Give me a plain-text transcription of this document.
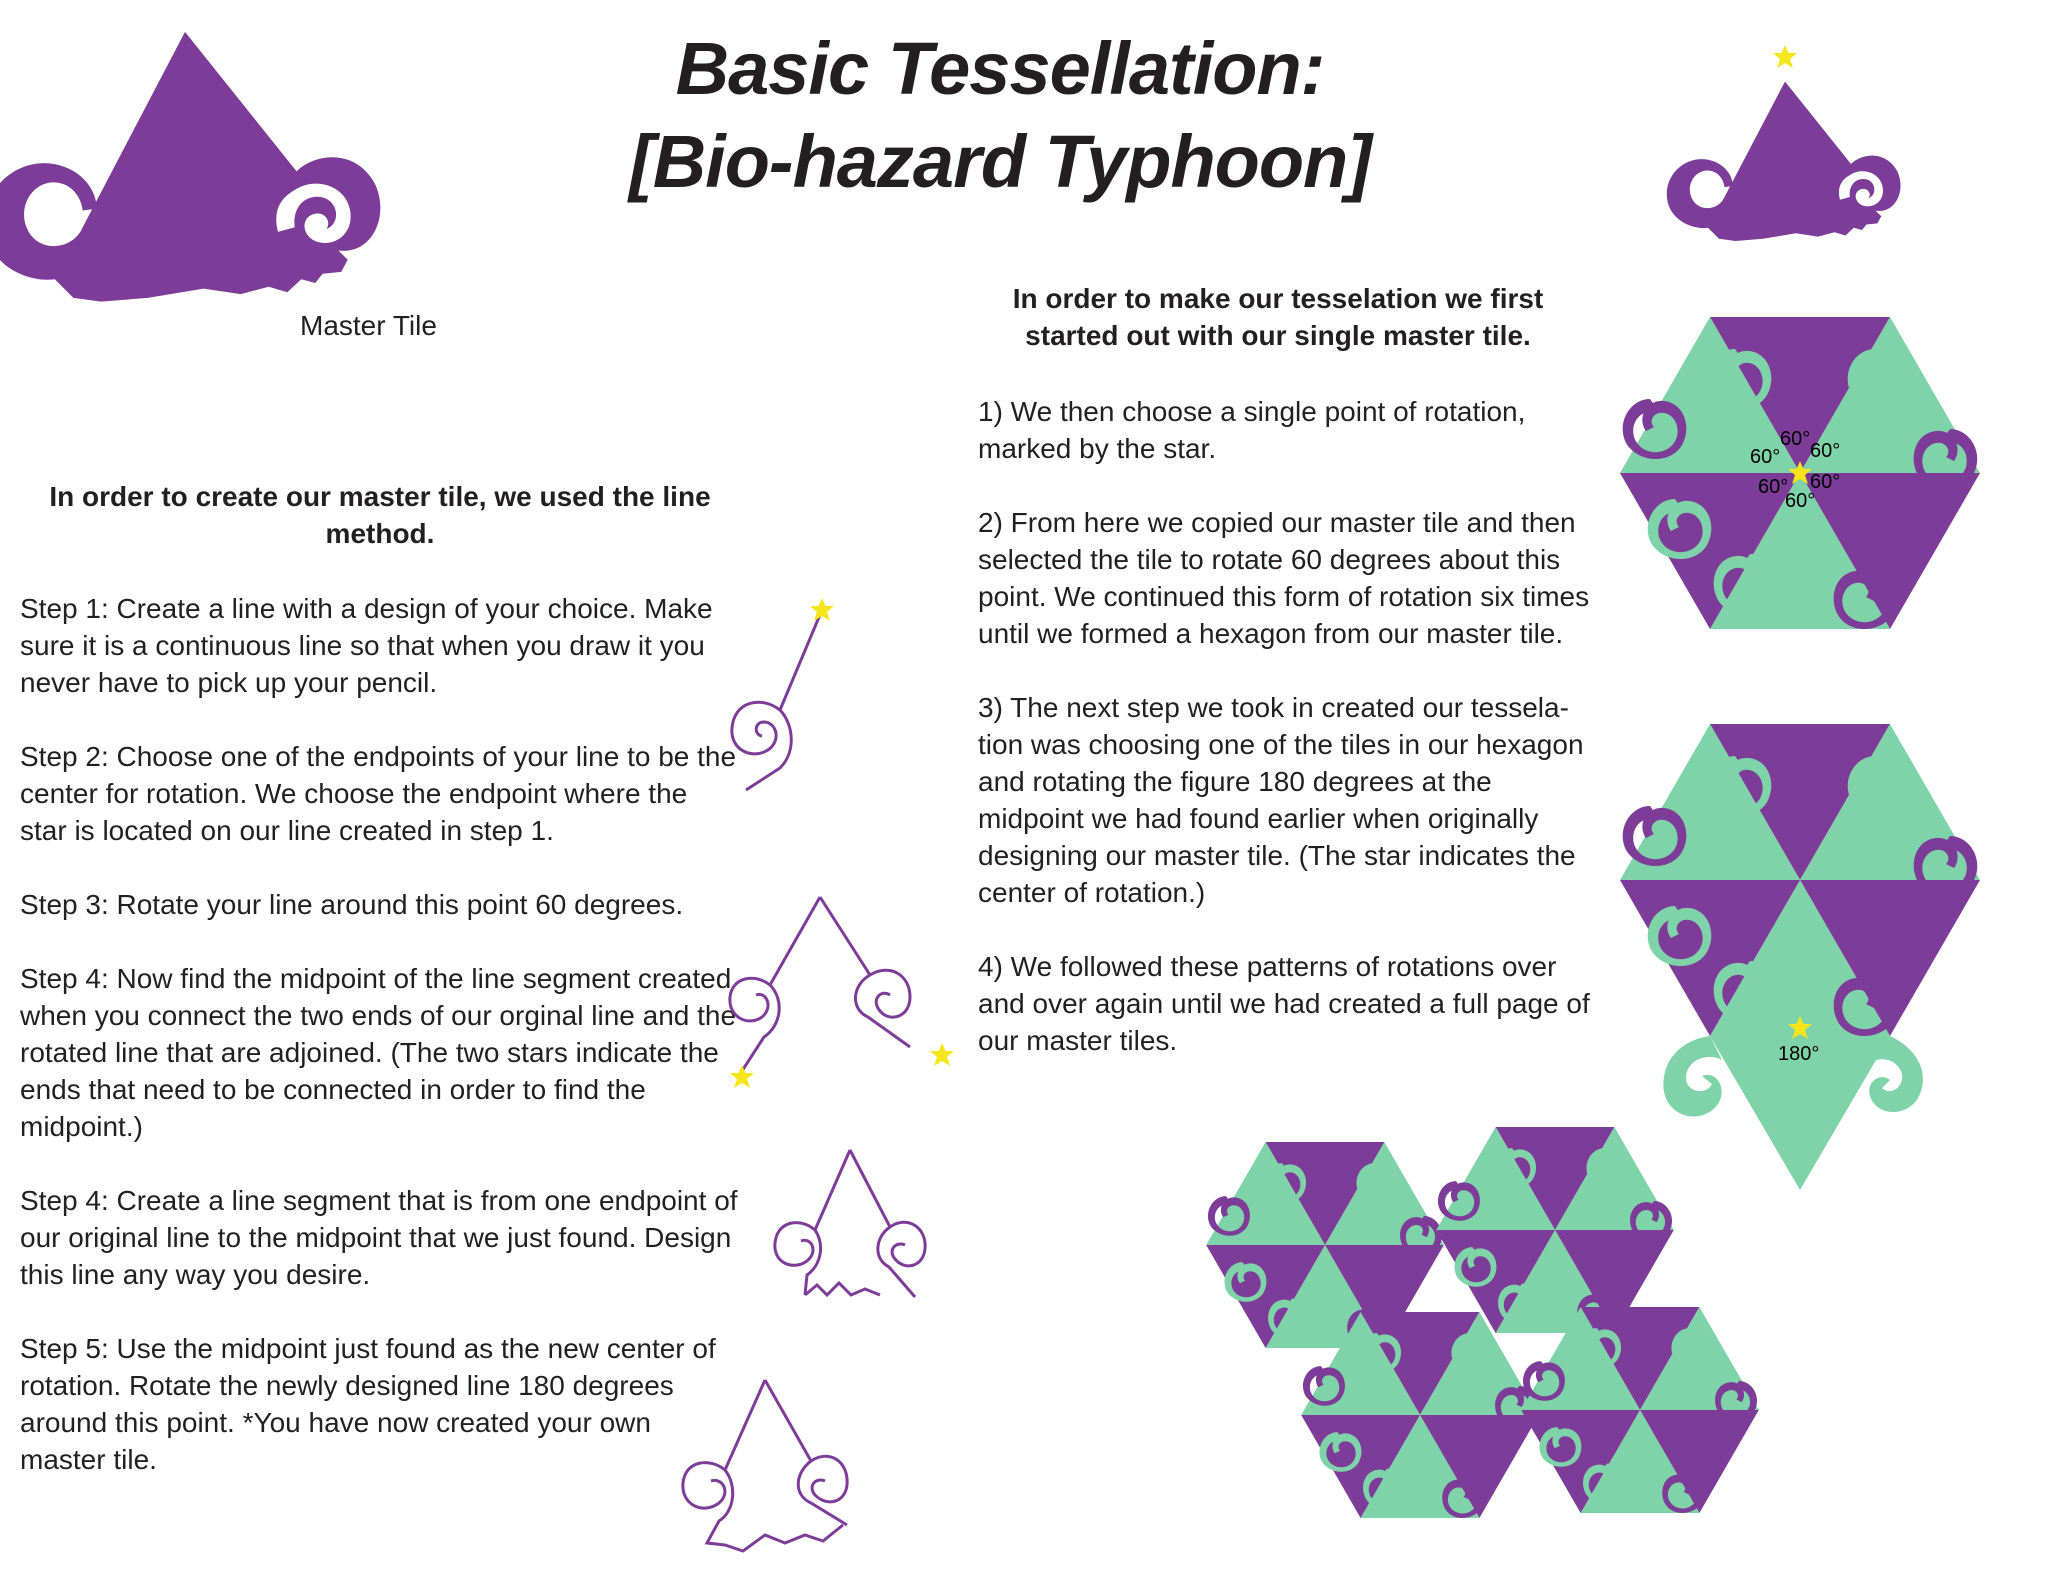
Basic Tessellation:
[Bio-hazard Typhoon]
Master Tile
In order to create our master tile, we used the line method.

Step 1: Create a line with a design of your choice. Make sure it is a continuous line so that when you draw it you never have to pick up your pencil.

Step 2: Choose one of the endpoints of your line to be the center for rotation. We choose the endpoint where the star is located on our line created in step 1.

Step 3: Rotate your line around this point 60 degrees.

Step 4: Now find the midpoint of the line segment created when you connect the two ends of our orginal line and the rotated line that are adjoined. (The two stars indicate the ends that need to be connected in order to find the midpoint.)

Step 4: Create a line segment that is from one endpoint of our original line to the midpoint that we just found. Design this line any way you desire.

Step 5: Use the midpoint just found as the new center of rotation. Rotate the newly designed line 180 degrees around this point. *You have now created your own master tile.

In order to make our tesselation we first started out with our single master tile.

1) We then choose a single point of rotation, marked by the star.

2) From here we copied our master tile and then selected the tile to rotate 60 degrees about this point. We continued this form of rotation six times until we formed a hexagon from our master tile.

3) The next step we took in created our tessela-tion was choosing one of the tiles in our hexagon and rotating the figure 180 degrees at the midpoint we had found earlier when originally designing our master tile. (The star indicates the center of rotation.)

4) We followed these patterns of rotations over and over again until we had created a full page of our master tiles.

60°
60°
60°
60°
60°
60°
180°
